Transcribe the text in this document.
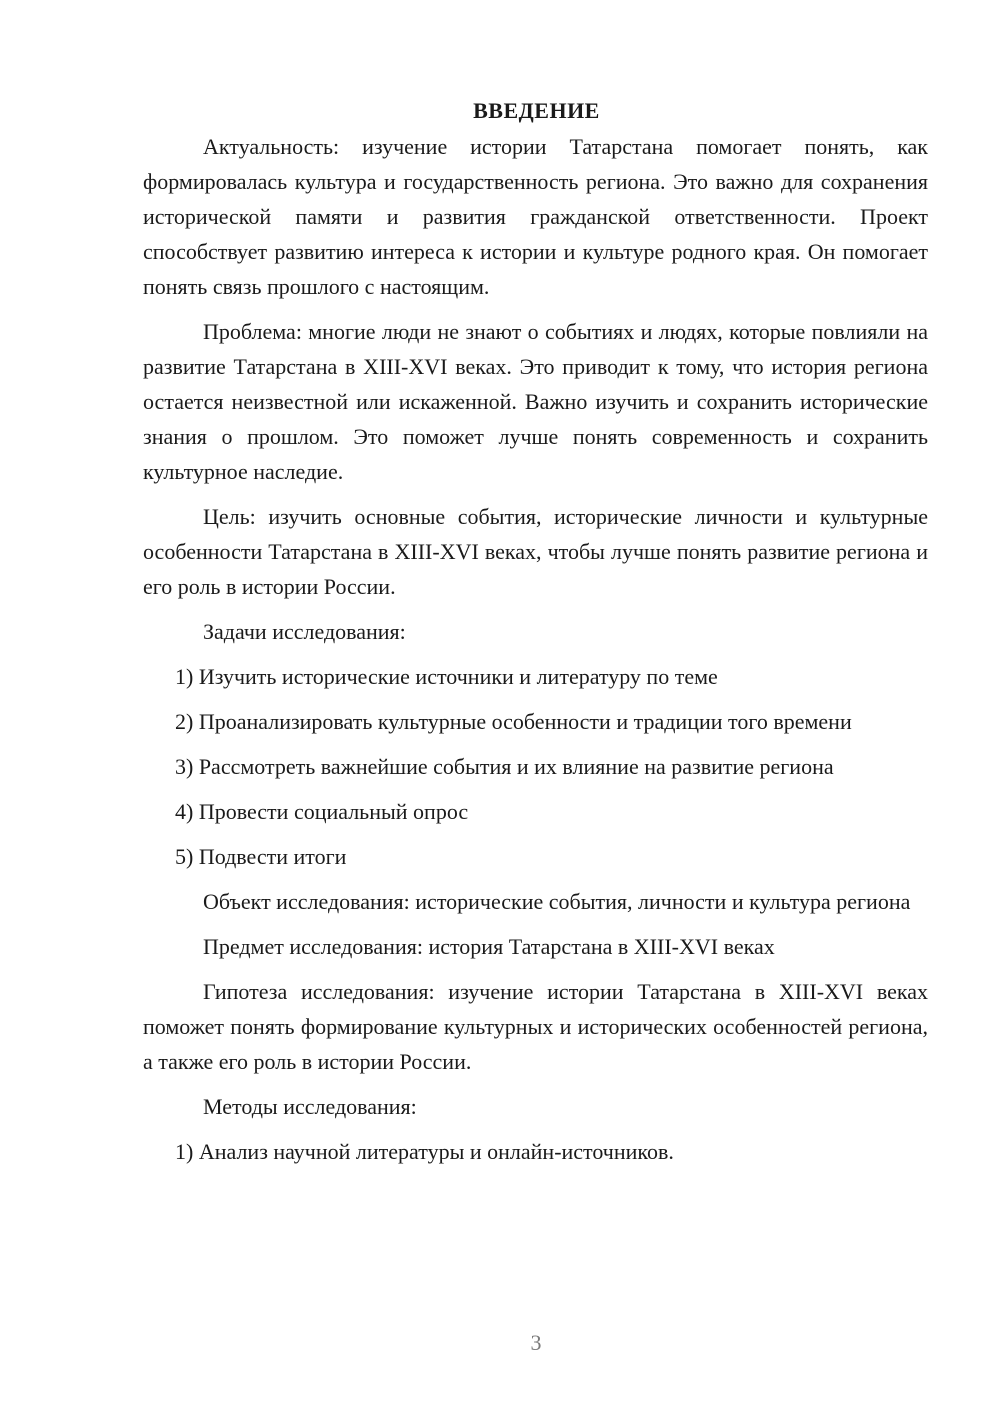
ВВЕДЕНИЕ

Актуальность: изучение истории Татарстана помогает понять, как формировалась культура и государственность региона. Это важно для сохранения исторической памяти и развития гражданской ответственности. Проект способствует развитию интереса к истории и культуре родного края. Он помогает понять связь прошлого с настоящим.

Проблема: многие люди не знают о событиях и людях, которые повлияли на развитие Татарстана в XIII-XVI веках. Это приводит к тому, что история региона остается неизвестной или искаженной. Важно изучить и сохранить исторические знания о прошлом. Это поможет лучше понять современность и сохранить культурное наследие.

Цель: изучить основные события, исторические личности и культурные особенности Татарстана в XIII-XVI веках, чтобы лучше понять развитие региона и его роль в истории России.

Задачи исследования:

1) Изучить исторические источники и литературу по теме

2) Проанализировать культурные особенности и традиции того времени

3) Рассмотреть важнейшие события и их влияние на развитие региона

4) Провести социальный опрос

5) Подвести итоги

Объект исследования: исторические события, личности и культура региона

Предмет исследования: история Татарстана в XIII-XVI веках

Гипотеза исследования: изучение истории Татарстана в XIII-XVI веках поможет понять формирование культурных и исторических особенностей региона, а также его роль в истории России.

Методы исследования:

1) Анализ научной литературы и онлайн-источников.

3
